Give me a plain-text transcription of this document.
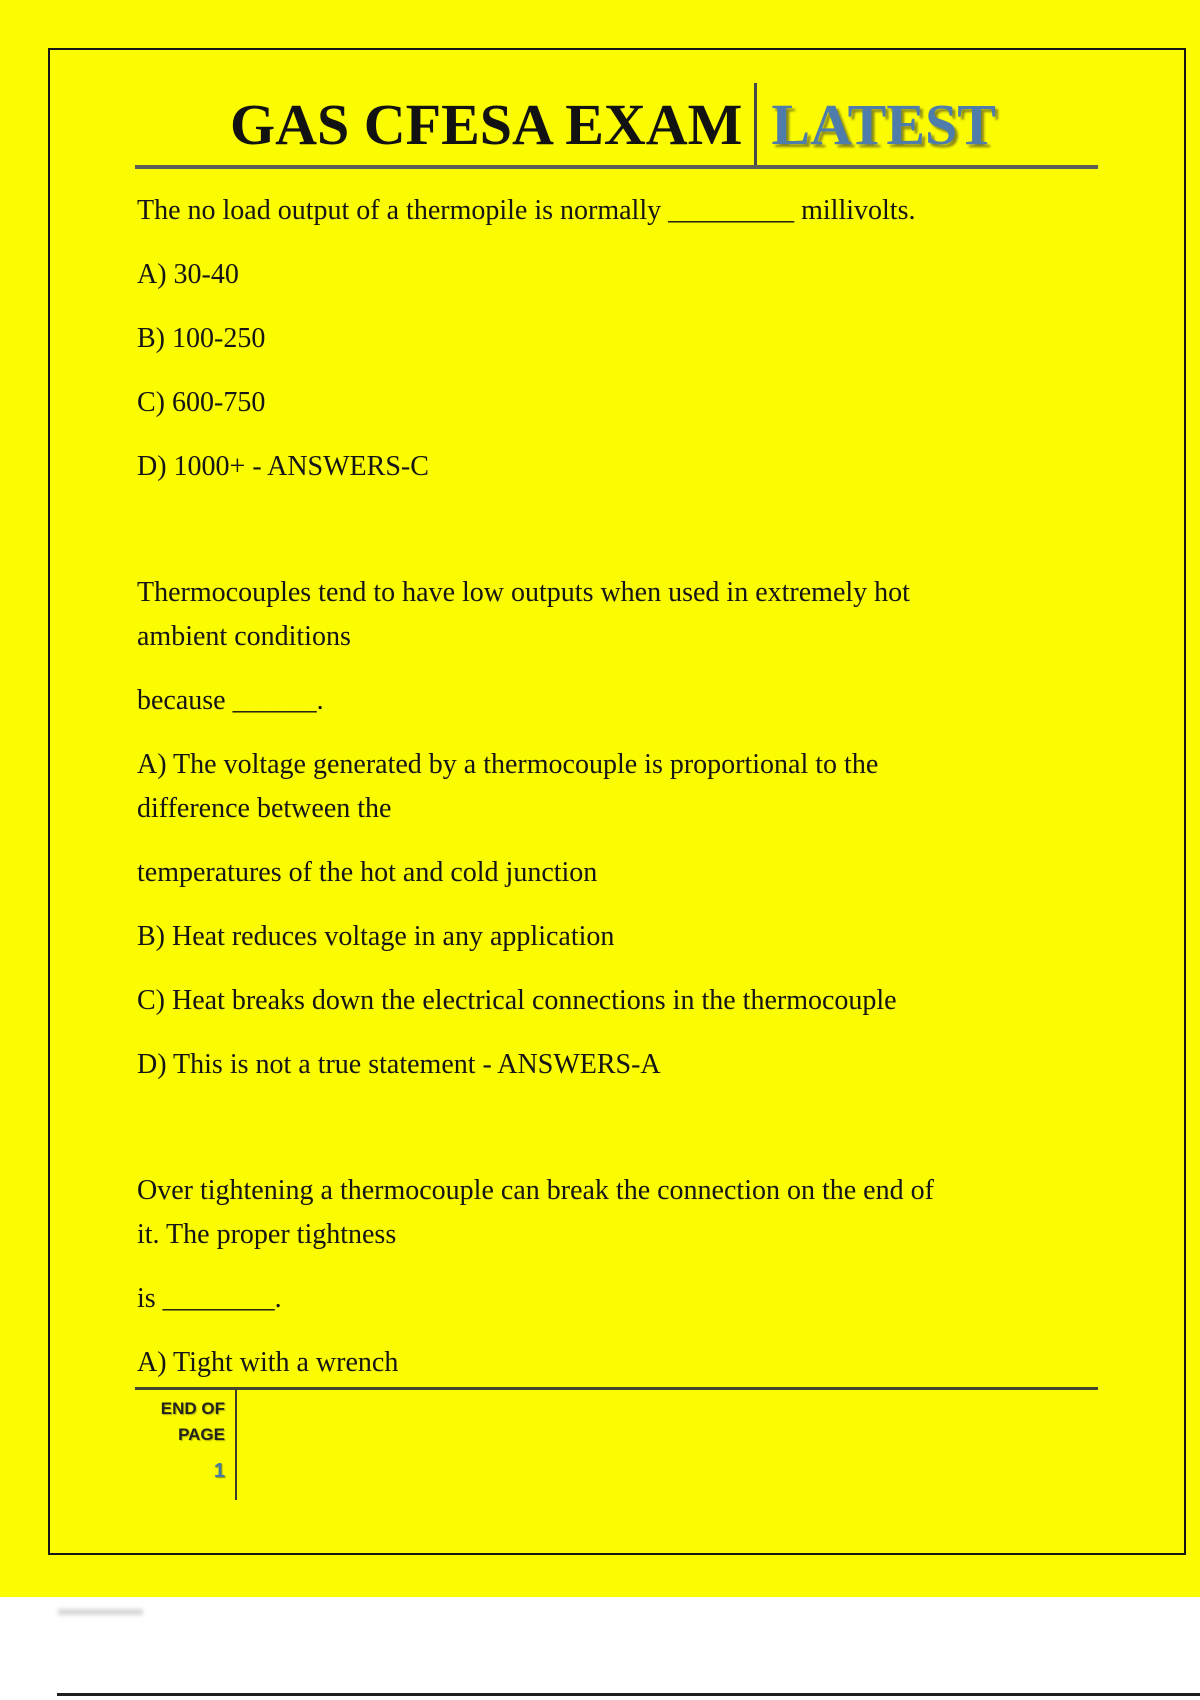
GAS CFESA EXAM LATEST
The no load output of a thermopile is normally _________ millivolts.
A) 30-40
B) 100-250
C) 600-750
D) 1000+ - ANSWERS-C
Thermocouples tend to have low outputs when used in extremely hot
ambient conditions
because ______.
A) The voltage generated by a thermocouple is proportional to the
difference between the
temperatures of the hot and cold junction
B) Heat reduces voltage in any application
C) Heat breaks down the electrical connections in the thermocouple
D) This is not a true statement - ANSWERS-A
Over tightening a thermocouple can break the connection on the end of
it. The proper tightness
is ________.
A) Tight with a wrench
END OF
PAGE
1
